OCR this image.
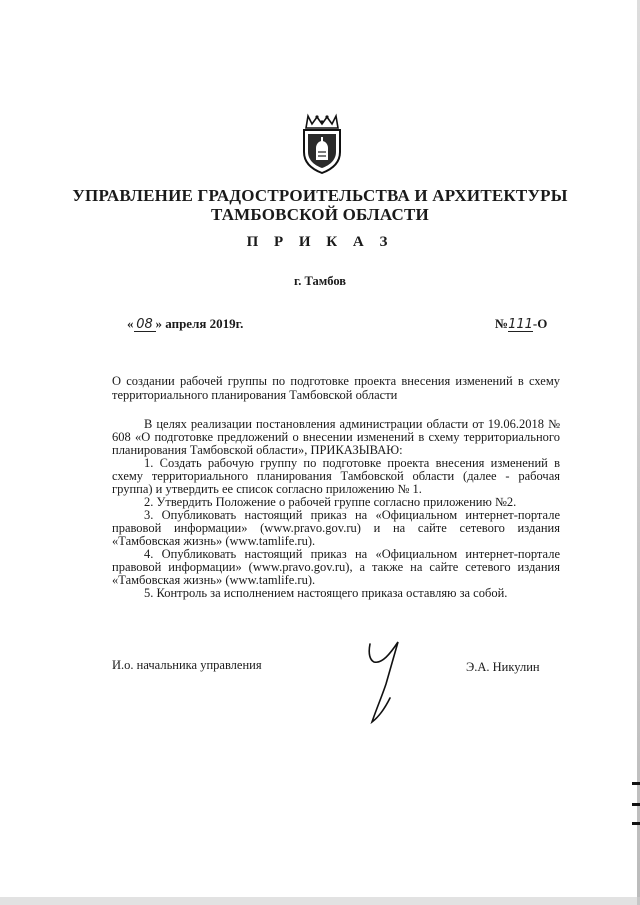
УПРАВЛЕНИЕ ГРАДОСТРОИТЕЛЬСТВА И АРХИТЕКТУРЫ
ТАМБОВСКОЙ ОБЛАСТИ
П Р И К А З
г. Тамбов
« 08 » апреля 2019г.	№111-О
О создании рабочей группы по подготовке проекта внесения изменений в схему территориального планирования Тамбовской области

В целях реализации постановления администрации области от 19.06.2018 № 608 «О подготовке предложений о внесении изменений в схему территориального планирования Тамбовской области», ПРИКАЗЫВАЮ:

1. Создать рабочую группу по подготовке проекта внесения изменений в схему территориального планирования Тамбовской области (далее - рабочая группа) и утвердить ее список согласно приложению № 1.

2. Утвердить Положение о рабочей группе согласно приложению №2.

3. Опубликовать настоящий приказ на «Официальном интернет-портале правовой информации» (www.pravo.gov.ru) и на сайте сетевого издания «Тамбовская жизнь» (www.tamlife.ru).

4. Опубликовать настоящий приказ на «Официальном интернет-портале правовой информации» (www.pravo.gov.ru), а также на сайте сетевого издания «Тамбовская жизнь» (www.tamlife.ru).

5. Контроль за исполнением настоящего приказа оставляю за собой.

И.о. начальника управления	Э.А. Никулин
